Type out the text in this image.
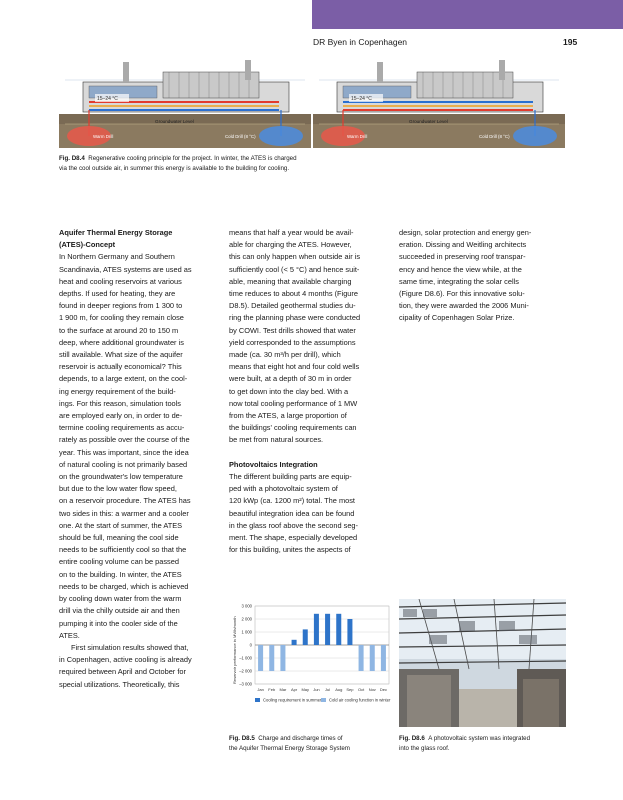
DR Byen in Copenhagen	195
15–24 °C
Groundwater Level
Warm Drill	Cold Drill (8 °C)
15–24 °C
Groundwater Level
Warm Drill	Cold Drill (8 °C)
Fig. D8.4 Regenerative cooling principle for the project. In winter, the ATES is charged
via the cool outside air, in summer this energy is available to the building for cooling.
Aquifer Thermal Energy Storage
(ATES)-Concept
In Northern Germany and Southern
Scandinavia, ATES systems are used as
heat and cooling reservoirs at various
depths. If used for heating, they are
found in deeper regions from 1 300 to
1 900 m, for cooling they remain close
to the surface at around 20 to 150 m
deep, where additional groundwater is
still available. What size of the aquifer
reservoir is actually economical? This
depends, to a large extent, on the cool-
ing energy requirement of the build-
ings. For this reason, simulation tools
are employed early on, in order to de-
termine cooling requirements as accu-
rately as possible over the course of the
year. This was important, since the idea
of natural cooling is not primarily based
on the groundwater's low temperature
but due to the low water flow speed,
on a reservoir procedure. The ATES has
two sides in this: a warmer and a cooler
one. At the start of summer, the ATES
should be full, meaning the cool side
needs to be sufficiently cool so that the
entire cooling volume can be passed
on to the building. In winter, the ATES
needs to be charged, which is achieved
by cooling down water from the warm
drill via the chilly outside air and then
pumping it into the cooler side of the
ATES.
First simulation results showed that,
in Copenhagen, active cooling is already
required between April and October for
special utilizations. Theoretically, this
means that half a year would be avail-
able for charging the ATES. However,
this can only happen when outside air is
sufficiently cool (< 5 °C) and hence suit-
able, meaning that available charging
time reduces to about 4 months (Figure
D8.5). Detailed geothermal studies du-
ring the planning phase were conducted
by COWI. Test drills showed that water
yield corresponded to the assumptions
made (ca. 30 m³/h per drill), which
means that eight hot and four cold wells
were built, at a depth of 30 m in order
to get down into the clay bed. With a
now total cooling performance of 1 MW
from the ATES, a large proportion of
the buildings' cooling requirements can
be met from natural sources.
Photovoltaics Integration
The different building parts are equip-
ped with a photovoltaic system of
120 kWp (ca. 1200 m²) total. The most
beautiful integration idea can be found
in the glass roof above the second seg-
ment. The shape, especially developed
for this building, unites the aspects of
design, solar protection and energy gen-
eration. Dissing and Weitling architects
succeeded in preserving roof transpar-
ency and hence the view while, at the
same time, integrating the solar cells
(Figure D8.6). For this innovative solu-
tion, they were awarded the 2006 Muni-
cipality of Copenhagen Solar Prize.
3 000
2 000
1 000
0
–1 000
–2 000
–3 000
Reservoir performance in MWh/month
Jan Feb Mar Apr May Jun Jul Aug Sep Oct Nov Dec
Cooling requirement in summer Cold air cooling function in winter
Fig. D8.5 Charge and discharge times of
the Aquifer Thermal Energy Storage System
Fig. D8.6 A photovoltaic system was integrated
into the glass roof.
